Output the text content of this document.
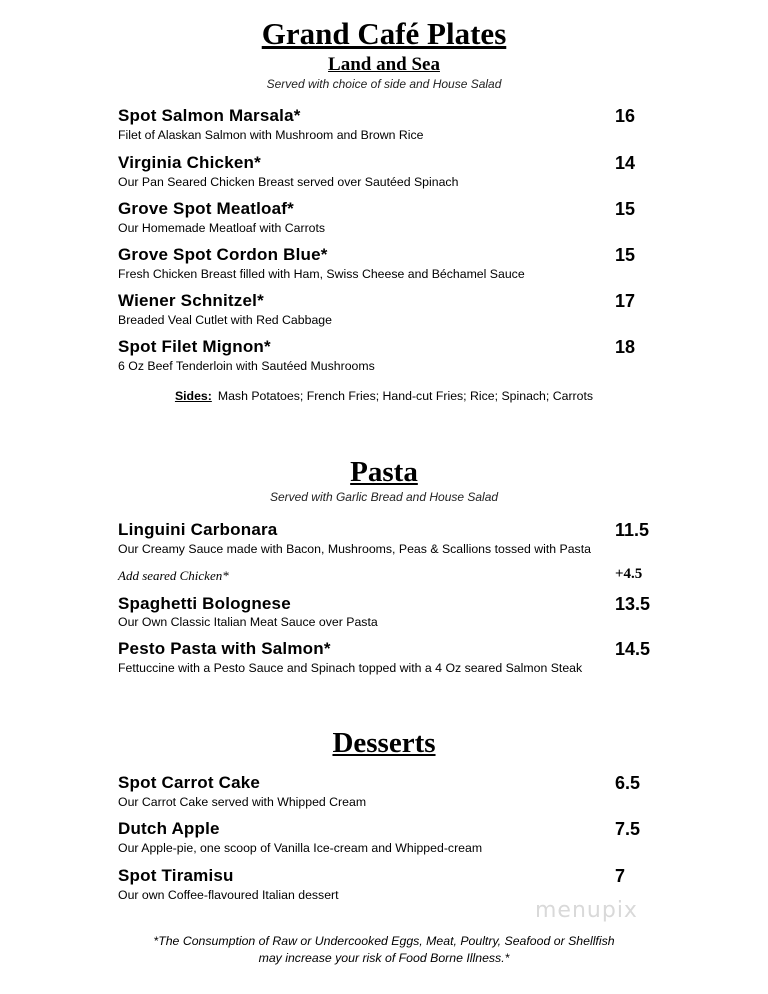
Grand Café Plates
Land and Sea
Served with choice of side and House Salad
Spot Salmon Marsala*	16
Filet of Alaskan Salmon with Mushroom and Brown Rice
Virginia Chicken*	14
Our Pan Seared Chicken Breast served over Sautéed Spinach
Grove Spot Meatloaf*	15
Our Homemade Meatloaf with Carrots
Grove Spot Cordon Blue*	15
Fresh Chicken Breast filled with Ham, Swiss Cheese and Béchamel Sauce
Wiener Schnitzel*	17
Breaded Veal Cutlet with Red Cabbage
Spot Filet Mignon*	18
6 Oz Beef Tenderloin with Sautéed Mushrooms
Sides: Mash Potatoes; French Fries; Hand-cut Fries; Rice; Spinach; Carrots
Pasta
Served with Garlic Bread and House Salad
Linguini Carbonara	11.5
Our Creamy Sauce made with Bacon, Mushrooms, Peas & Scallions tossed with Pasta
Add seared Chicken*	+4.5
Spaghetti Bolognese	13.5
Our Own Classic Italian Meat Sauce over Pasta
Pesto Pasta with Salmon*	14.5
Fettuccine with a Pesto Sauce and Spinach topped with a 4 Oz seared Salmon Steak
Desserts
Spot Carrot Cake	6.5
Our Carrot Cake served with Whipped Cream
Dutch Apple	7.5
Our Apple-pie, one scoop of Vanilla Ice-cream and Whipped-cream
Spot Tiramisu	7
Our own Coffee-flavoured Italian dessert
menupix
*The Consumption of Raw or Undercooked Eggs, Meat, Poultry, Seafood or Shellfish
may increase your risk of Food Borne Illness.*
